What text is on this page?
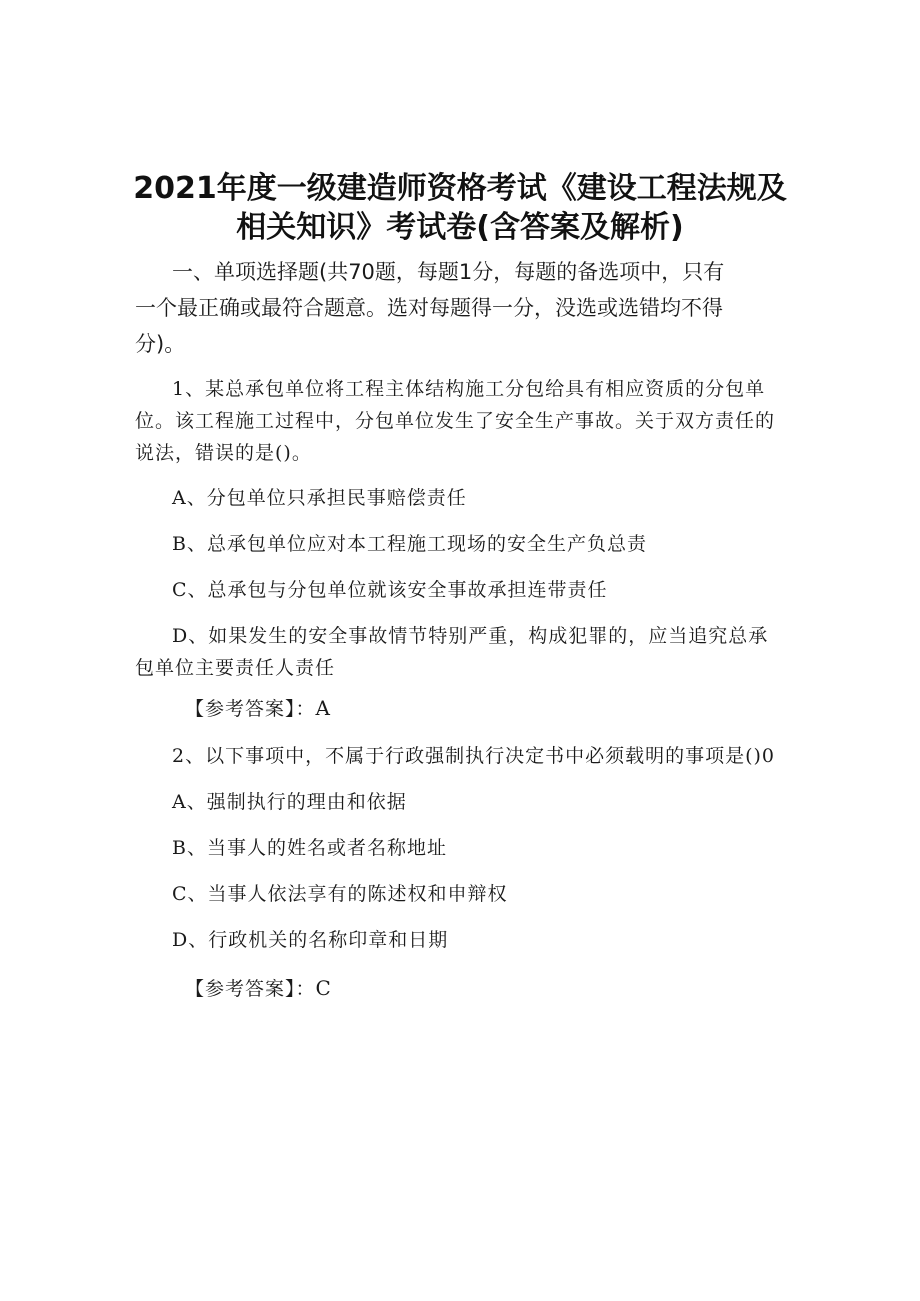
2021年度一级建造师资格考试《建设工程法规及
相关知识》考试卷(含答案及解析)
一、单项选择题(共70题，每题1分，每题的备选项中，只有
一个最正确或最符合题意。选对每题得一分，没选或选错均不得
分)。
1、某总承包单位将工程主体结构施工分包给具有相应资质的分包单
位。该工程施工过程中，分包单位发生了安全生产事故。关于双方责任的
说法，错误的是()。
A、分包单位只承担民事赔偿责任
B、总承包单位应对本工程施工现场的安全生产负总责
C、总承包与分包单位就该安全事故承担连带责任
D、如果发生的安全事故情节特别严重，构成犯罪的，应当追究总承
包单位主要责任人责任
【参考答案】：A
2、以下事项中，不属于行政强制执行决定书中必须载明的事项是()0
A、强制执行的理由和依据
B、当事人的姓名或者名称地址
C、当事人依法享有的陈述权和申辩权
D、行政机关的名称印章和日期
【参考答案】：C
